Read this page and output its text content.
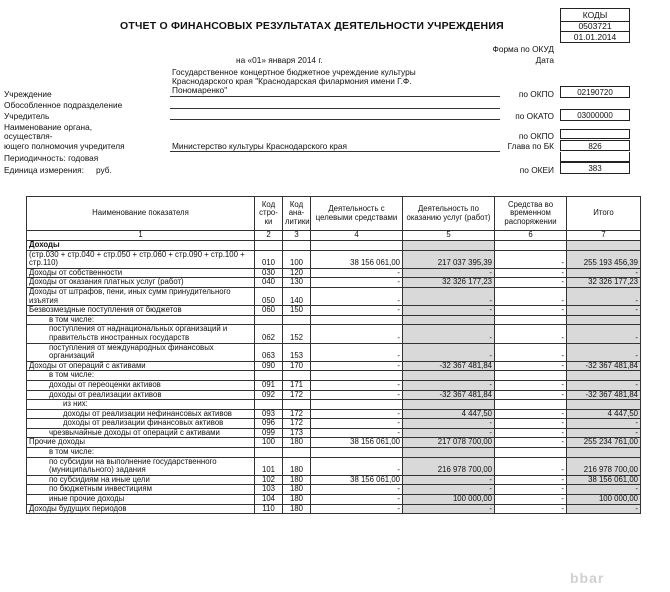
ОТЧЕТ О ФИНАНСОВЫХ РЕЗУЛЬТАТАХ ДЕЯТЕЛЬНОСТИ УЧРЕЖДЕНИЯ
КОДЫ
0503721
01.01.2014
Форма по ОКУД
Дата
на «01» января 2014 г.
Государственное концертное бюджетное учреждение культуры
Краснодарского края "Краснодарская филармония имени Г.Ф.
Пономаренко"
Учреждение	по ОКПО	02190720
Обособленное подразделение
Учредитель	по ОКАТО	03000000
Наименование органа,
осуществля-	по ОКПО
ющего полномочия учредителя	Министерство культуры Краснодарского края	Глава по БК	826
Периодичность: годовая
Единица измерения: руб.	по ОКЕИ	383
Наименование показателя	Код стро-ки	Код ана-литики	Деятельность с целевыми средствами	Деятельность по оказанию услуг (работ)	Средства во временном распоряжении	Итого
1	2	3	4	5	6	7
Доходы						
(стр.030 + стр.040 + стр.050 + стр.060 + стр.090 + стр.100 + стр.110)	010	100	38 156 061,00	217 037 395,39	-	255 193 456,39
Доходы от собственности	030	120	-	-	-	-
Доходы от оказания платных услуг (работ)	040	130	-	32 326 177,23	-	32 326 177,23
Доходы от штрафов, пени, иных сумм принудительного изъятия	050	140	-	-	-	-
Безвозмездные поступления от бюджетов	060	150	-	-	-	-
в том числе:						
поступления от наднациональных организаций и правительств иностранных государств	062	152	-	-	-	-
поступления от международных финансовых организаций	063	153	-	-	-	-
Доходы от операций с активами	090	170	-	-32 367 481,84	-	-32 367 481,84
в том числе:						
доходы от переоценки активов	091	171	-	-	-	-
доходы от реализации активов	092	172	-	-32 367 481,84	-	-32 367 481,84
из них:						
доходы от реализации нефинансовых активов	093	172	-	4 447,50	-	4 447,50
доходы от реализации финансовых активов	096	172	-	-	-	-
чрезвычайные доходы от операций с активами	099	173	-	-	-	-
Прочие доходы	100	180	38 156 061,00	217 078 700,00	-	255 234 761,00
в том числе:						
по субсидии на выполнение государственного (муниципального) задания	101	180	-	216 978 700,00	-	216 978 700,00
по субсидиям на иные цели	102	180	38 156 061,00	-	-	38 156 061,00
по бюджетным инвестициям	103	180	-	-	-	-
иные прочие доходы	104	180	-	100 000,00	-	100 000,00
Доходы будущих периодов	110	180	-	-	-	-
bbar
